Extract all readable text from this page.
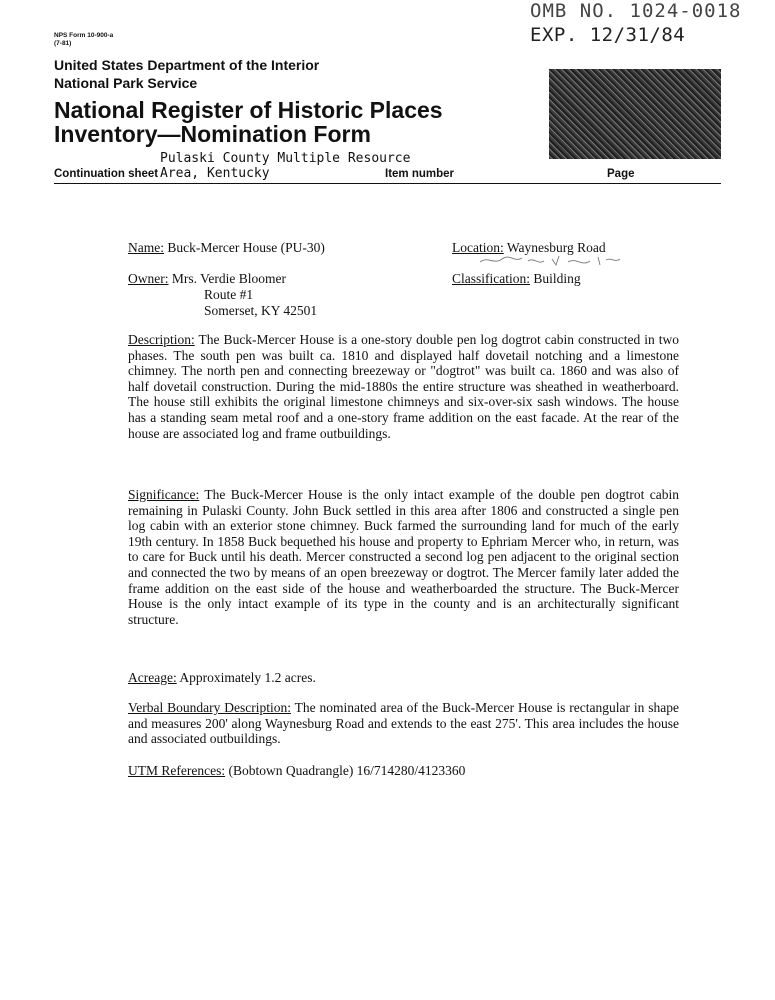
NPS Form 10-900-a
(7-81)
OMB NO. 1024-0018
EXP. 12/31/84
United States Department of the Interior
National Park Service
National Register of Historic Places
Inventory—Nomination Form
Pulaski County Multiple Resource
Continuation sheet Area, Kentucky	Item number	Page
Name: Buck-Mercer House (PU-30)
Owner: Mrs. Verdie Bloomer
Route #1
Somerset, KY 42501
Location: Waynesburg Road
Classification: Building
Description: The Buck-Mercer House is a one-story double pen log dogtrot cabin constructed in two phases. The south pen was built ca. 1810 and displayed half dovetail notching and a limestone chimney. The north pen and connecting breezeway or "dogtrot" was built ca. 1860 and was also of half dovetail construction. During the mid-1880s the entire structure was sheathed in weatherboard. The house still exhibits the original limestone chimneys and six-over-six sash windows. The house has a standing seam metal roof and a one-story frame addition on the east facade. At the rear of the house are associated log and frame outbuildings.
Significance: The Buck-Mercer House is the only intact example of the double pen dogtrot cabin remaining in Pulaski County. John Buck settled in this area after 1806 and constructed a single pen log cabin with an exterior stone chimney. Buck farmed the surrounding land for much of the early 19th century. In 1858 Buck bequethed his house and property to Ephriam Mercer who, in return, was to care for Buck until his death. Mercer constructed a second log pen adjacent to the original section and connected the two by means of an open breezeway or dogtrot. The Mercer family later added the frame addition on the east side of the house and weatherboarded the structure. The Buck-Mercer House is the only intact example of its type in the county and is an architecturally significant structure.
Acreage: Approximately 1.2 acres.
Verbal Boundary Description: The nominated area of the Buck-Mercer House is rectangular in shape and measures 200' along Waynesburg Road and extends to the east 275'. This area includes the house and associated outbuildings.
UTM References: (Bobtown Quadrangle) 16/714280/4123360
